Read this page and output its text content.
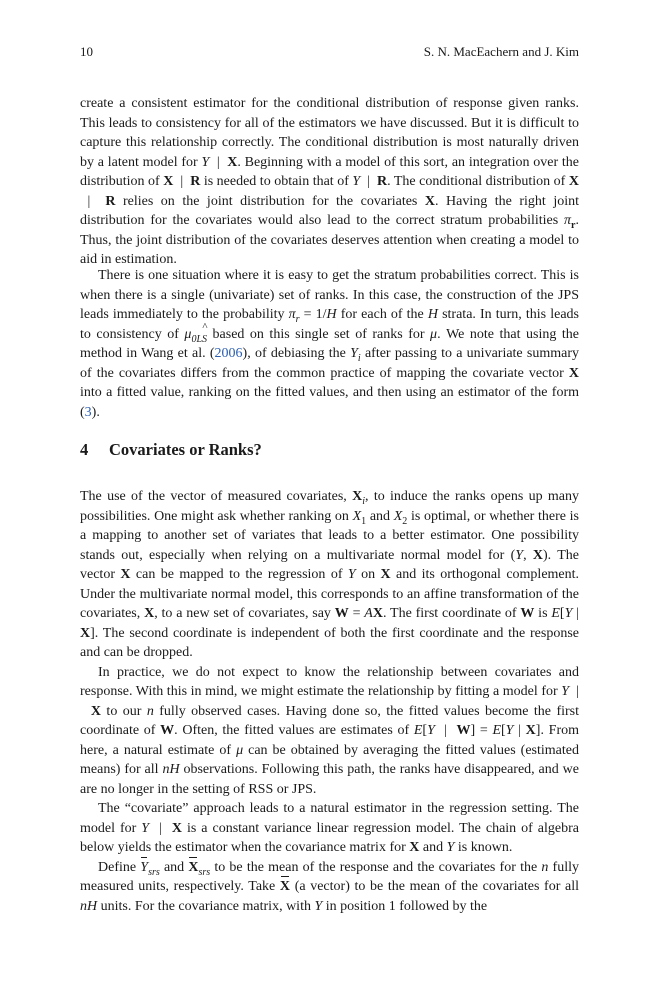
10	S. N. MacEachern and J. Kim

create a consistent estimator for the conditional distribution of response given ranks. This leads to consistency for all of the estimators we have discussed. But it is difficult to capture this relationship correctly. The conditional distribution is most naturally driven by a latent model for Y  |  X. Beginning with a model of this sort, an integration over the distribution of X  |  R is needed to obtain that of Y  |  R. The conditional distribution of X  |  R relies on the joint distribution for the covariates X. Having the right joint distribution for the covariates would also lead to the correct stratum probabilities $\pi_r$. Thus, the joint distribution of the covariates deserves attention when creating a model to aid in estimation.

There is one situation where it is easy to get the stratum probabilities correct. This is when there is a single (univariate) set of ranks. In this case, the construction of the JPS leads immediately to the probability $\pi_r = 1/H$ for each of the H strata. In turn, this leads to consistency of ^ $\mu_{0LS}$ based on this single set of ranks for μ. We note that using the method in Wang et al. (2006), of debiasing the $Y_i$ after passing to a univariate summary of the covariates differs from the common practice of mapping the covariate vector X into a fitted value, ranking on the fitted values, and then using an estimator of the form (3).

4 Covariates or Ranks?

The use of the vector of measured covariates, $X_i$, to induce the ranks opens up many possibilities. One might ask whether ranking on $X_1$ and $X_2$ is optimal, or whether there is a mapping to another set of variates that leads to a better estimator. One possibility stands out, especially when relying on a multivariate normal model for (Y, X). The vector X can be mapped to the regression of Y on X and its orthogonal complement. Under the multivariate normal model, this corresponds to an affine transformation of the covariates, X, to a new set of covariates, say W = AX. The first coordinate of W is E[Y | X]. The second coordinate is independent of both the first coordinate and the response and can be dropped.

In practice, we do not expect to know the relationship between covariates and response. With this in mind, we might estimate the relationship by fitting a model for Y  |  X to our n fully observed cases. Having done so, the fitted values become the first coordinate of W. Often, the fitted values are estimates of E[Y  |  W] = E[Y | X]. From here, a natural estimate of μ can be obtained by averaging the fitted values (estimated means) for all nH observations. Following this path, the ranks have disappeared, and we are no longer in the setting of RSS or JPS.

The “covariate” approach leads to a natural estimator in the regression setting. The model for Y  |  X is a constant variance linear regression model. The chain of algebra below yields the estimator when the covariance matrix for X and Y is known.

Define $Y_{srs}$ and $X_{srs}$ to be the mean of the response and the covariates for the n fully measured units, respectively. Take X (a vector) to be the mean of the covariates for all nH units. For the covariance matrix, with Y in position 1 followed by the
